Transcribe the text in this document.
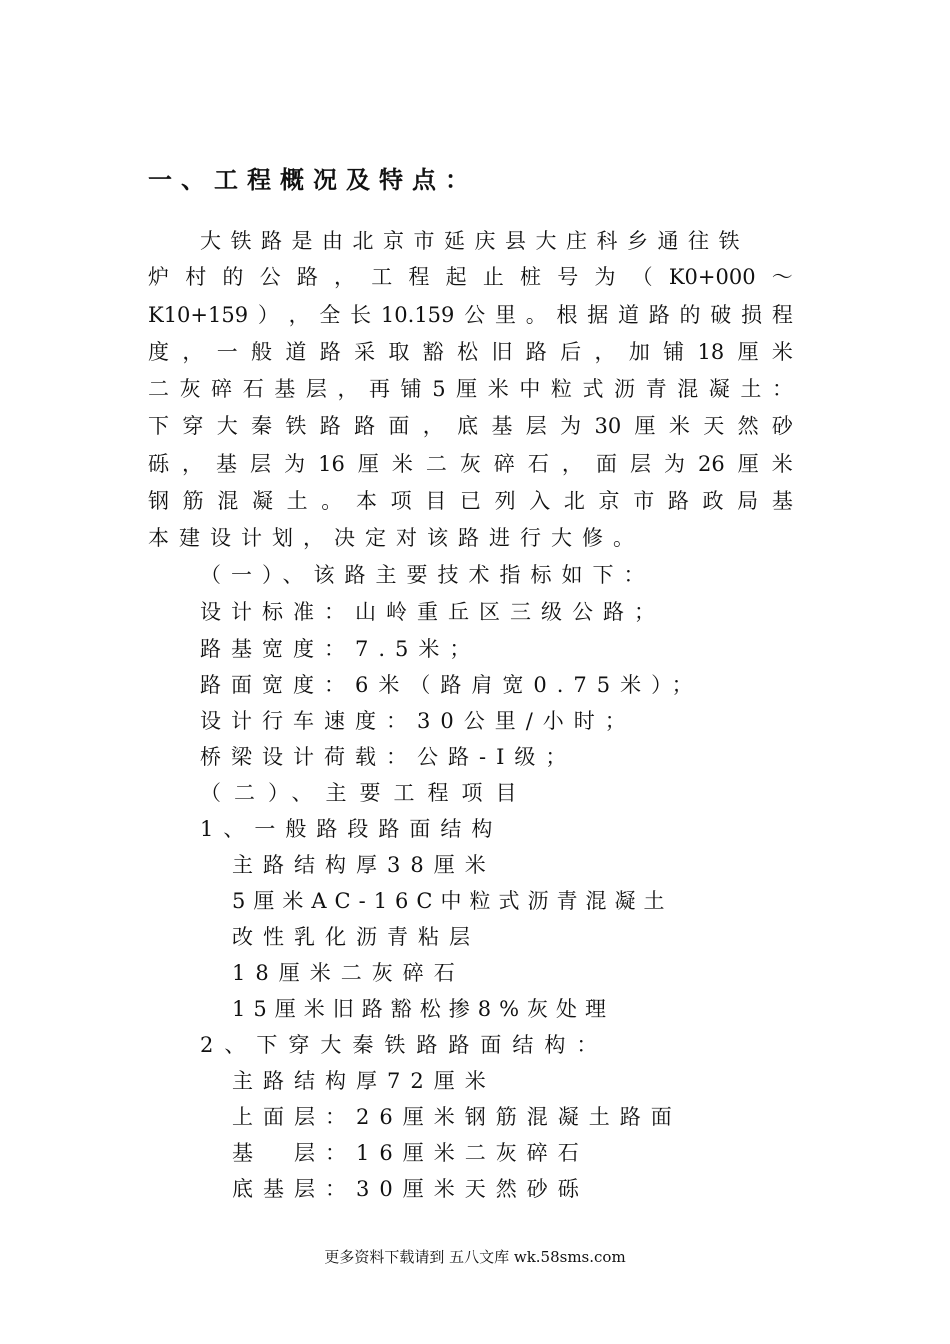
一、工程概况及特点：
大铁路是由北京市延庆县大庄科乡通往铁
炉 村 的 公 路 ， 工 程 起 止 桩 号 为 （ K0+000 ～
K10+159 ） ， 全 长 10.159 公 里 。 根 据 道 路 的 破 损 程
度 ， 一 般 道 路 采 取 豁 松 旧 路 后 ， 加 铺 18 厘 米
二 灰 碎 石 基 层 ， 再 铺 5 厘 米 中 粒 式 沥 青 混 凝 土 ：
下 穿 大 秦 铁 路 路 面 ， 底 基 层 为 30 厘 米 天 然 砂
砾 ， 基 层 为 16 厘 米 二 灰 碎 石 ， 面 层 为 26 厘 米
钢 筋 混 凝 土 。 本 项 目 已 列 入 北 京 市 路 政 局 基
本建设计划，决定对该路进行大修。
（一）、该路主要技术指标如下：
设计标准：山岭重丘区三级公路；
路基宽度：7.5米；
路面宽度：6米（路肩宽0.75米）；
设计行车速度：30公里/小时；
桥梁设计荷载：公路-Ⅰ级；
（二）、主要工程项目
1、一般路段路面结构
主路结构厚38厘米
5厘米AC-16C中粒式沥青混凝土
改性乳化沥青粘层
18厘米二灰碎石
15厘米旧路豁松掺8%灰处理
2、下穿大秦铁路路面结构：
主路结构厚72厘米
上面层：26厘米钢筋混凝土路面
基　层：16厘米二灰碎石
底基层：30厘米天然砂砾
更多资料下载请到 五八文库 wk.58sms.com
